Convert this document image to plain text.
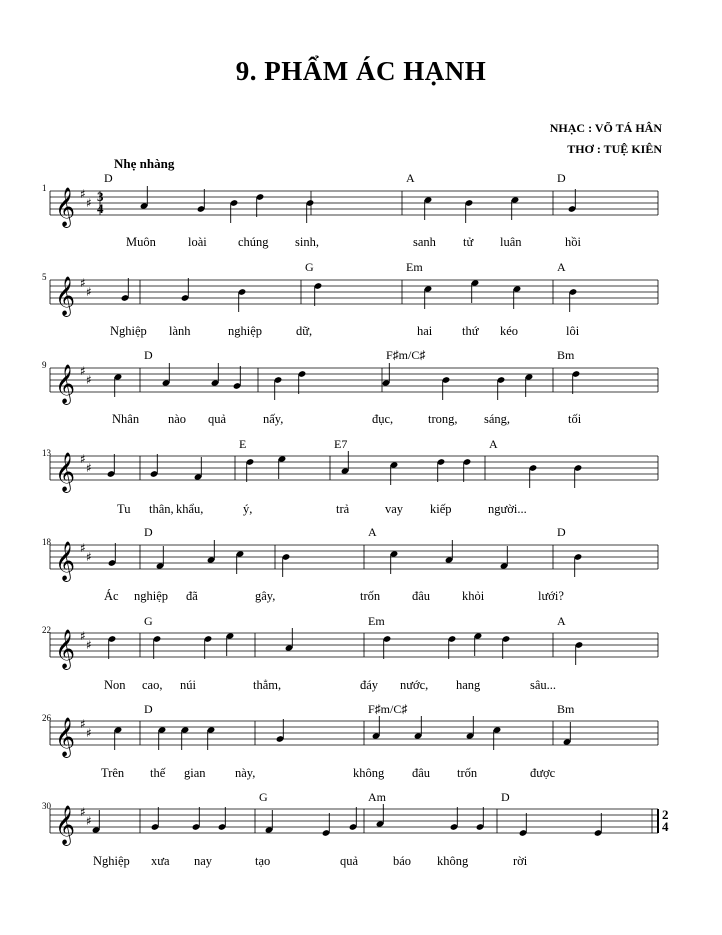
9. PHẨM ÁC HẠNH
NHẠC : VÕ TÁ HÂN
THƠ : TUỆ KIÊN
Nhẹ nhàng
𝄞 ♯
♯ 3
4
1
D	A	D
Muôn	loài	chúng sinh,	sanh tử luân	hồi
𝄞 ♯
♯
5
G	Em	A
Nghiệp lành	nghiệp	dữ,	hai thứ kéo	lôi
𝄞 ♯
♯
9
D	F♯m/C♯	Bm
Nhân nào quả	nấy,	đục,	trong, sáng,	tối
𝄞 ♯
♯
13
E	E7	A
Tu thân, khẩu,	ý,	trả	vay kiếp	người...
𝄞 ♯
♯
18
D	A	D
Ác nghiệp đã	gây,	trốn	đâu	khỏi	lưới?
𝄞 ♯
♯
22
G	Em	A
Non cao, núi	thẳm,	đáy nước, hang	sâu...
𝄞 ♯
♯
26
D	F♯m/C♯	Bm
Trên thế gian này,	không đâu trốn	được
𝄞 ♯
♯	2
4
30
G	Am	D
Nghiệp xưa nay	tạo	quả	báo không	rời
